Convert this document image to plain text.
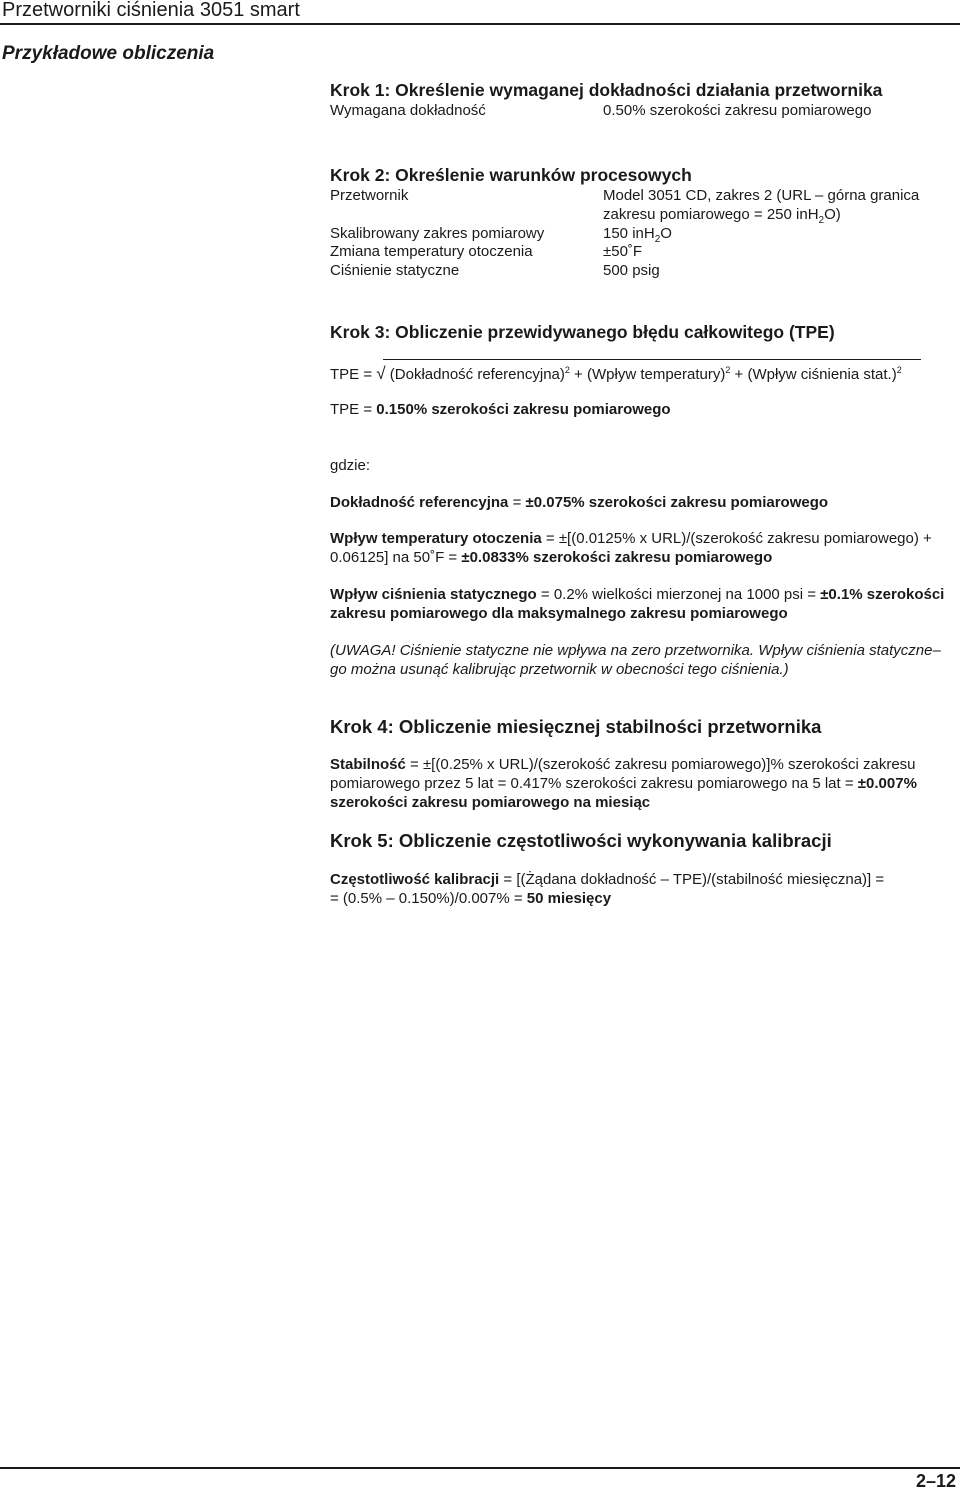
Przetworniki ciśnienia 3051 smart
Przykładowe obliczenia
Krok 1: Określenie wymaganej dokładności działania przetwornika
Wymagana dokładność	0.50% szerokości zakresu pomiarowego
Krok 2: Określenie warunków procesowych
Przetwornik	Model 3051 CD, zakres 2 (URL – górna granica
zakresu pomiarowego = 250 inH$_2$O)
Skalibrowany zakres pomiarowy	150 inH$_2$O
Zmiana temperatury otoczenia	±50˚F
Ciśnienie statyczne	500 psig
Krok 3: Obliczenie przewidywanego błędu całkowitego (TPE)
TPE = √ (Dokładność referencyjna)$^2$ + (Wpływ temperatury)$^2$ + (Wpływ ciśnienia stat.)$^2$
TPE = 0.150% szerokości zakresu pomiarowego
gdzie:
Dokładność referencyjna = ±0.075% szerokości zakresu pomiarowego
Wpływ temperatury otoczenia = ±[(0.0125% x URL)/(szerokość zakresu pomiarowego) +
0.06125] na 50˚F = ±0.0833% szerokości zakresu pomiarowego
Wpływ ciśnienia statycznego = 0.2% wielkości mierzonej na 1000 psi = ±0.1% szerokości
zakresu pomiarowego dla maksymalnego zakresu pomiarowego
(UWAGA! Ciśnienie statyczne nie wpływa na zero przetwornika. Wpływ ciśnienia statyczne–
go można usunąć kalibrując przetwornik w obecności tego ciśnienia.)
Krok 4: Obliczenie miesięcznej stabilności przetwornika
Stabilność = ±[(0.25% x URL)/(szerokość zakresu pomiarowego)]% szerokości zakresu
pomiarowego przez 5 lat = 0.417% szerokości zakresu pomiarowego na 5 lat = ±0.007%
szerokości zakresu pomiarowego na miesiąc
Krok 5: Obliczenie częstotliwości wykonywania kalibracji
Częstotliwość kalibracji = [(Żądana dokładność – TPE)/(stabilność miesięczna)] =
= (0.5% – 0.150%)/0.007% = 50 miesięcy
2–12
